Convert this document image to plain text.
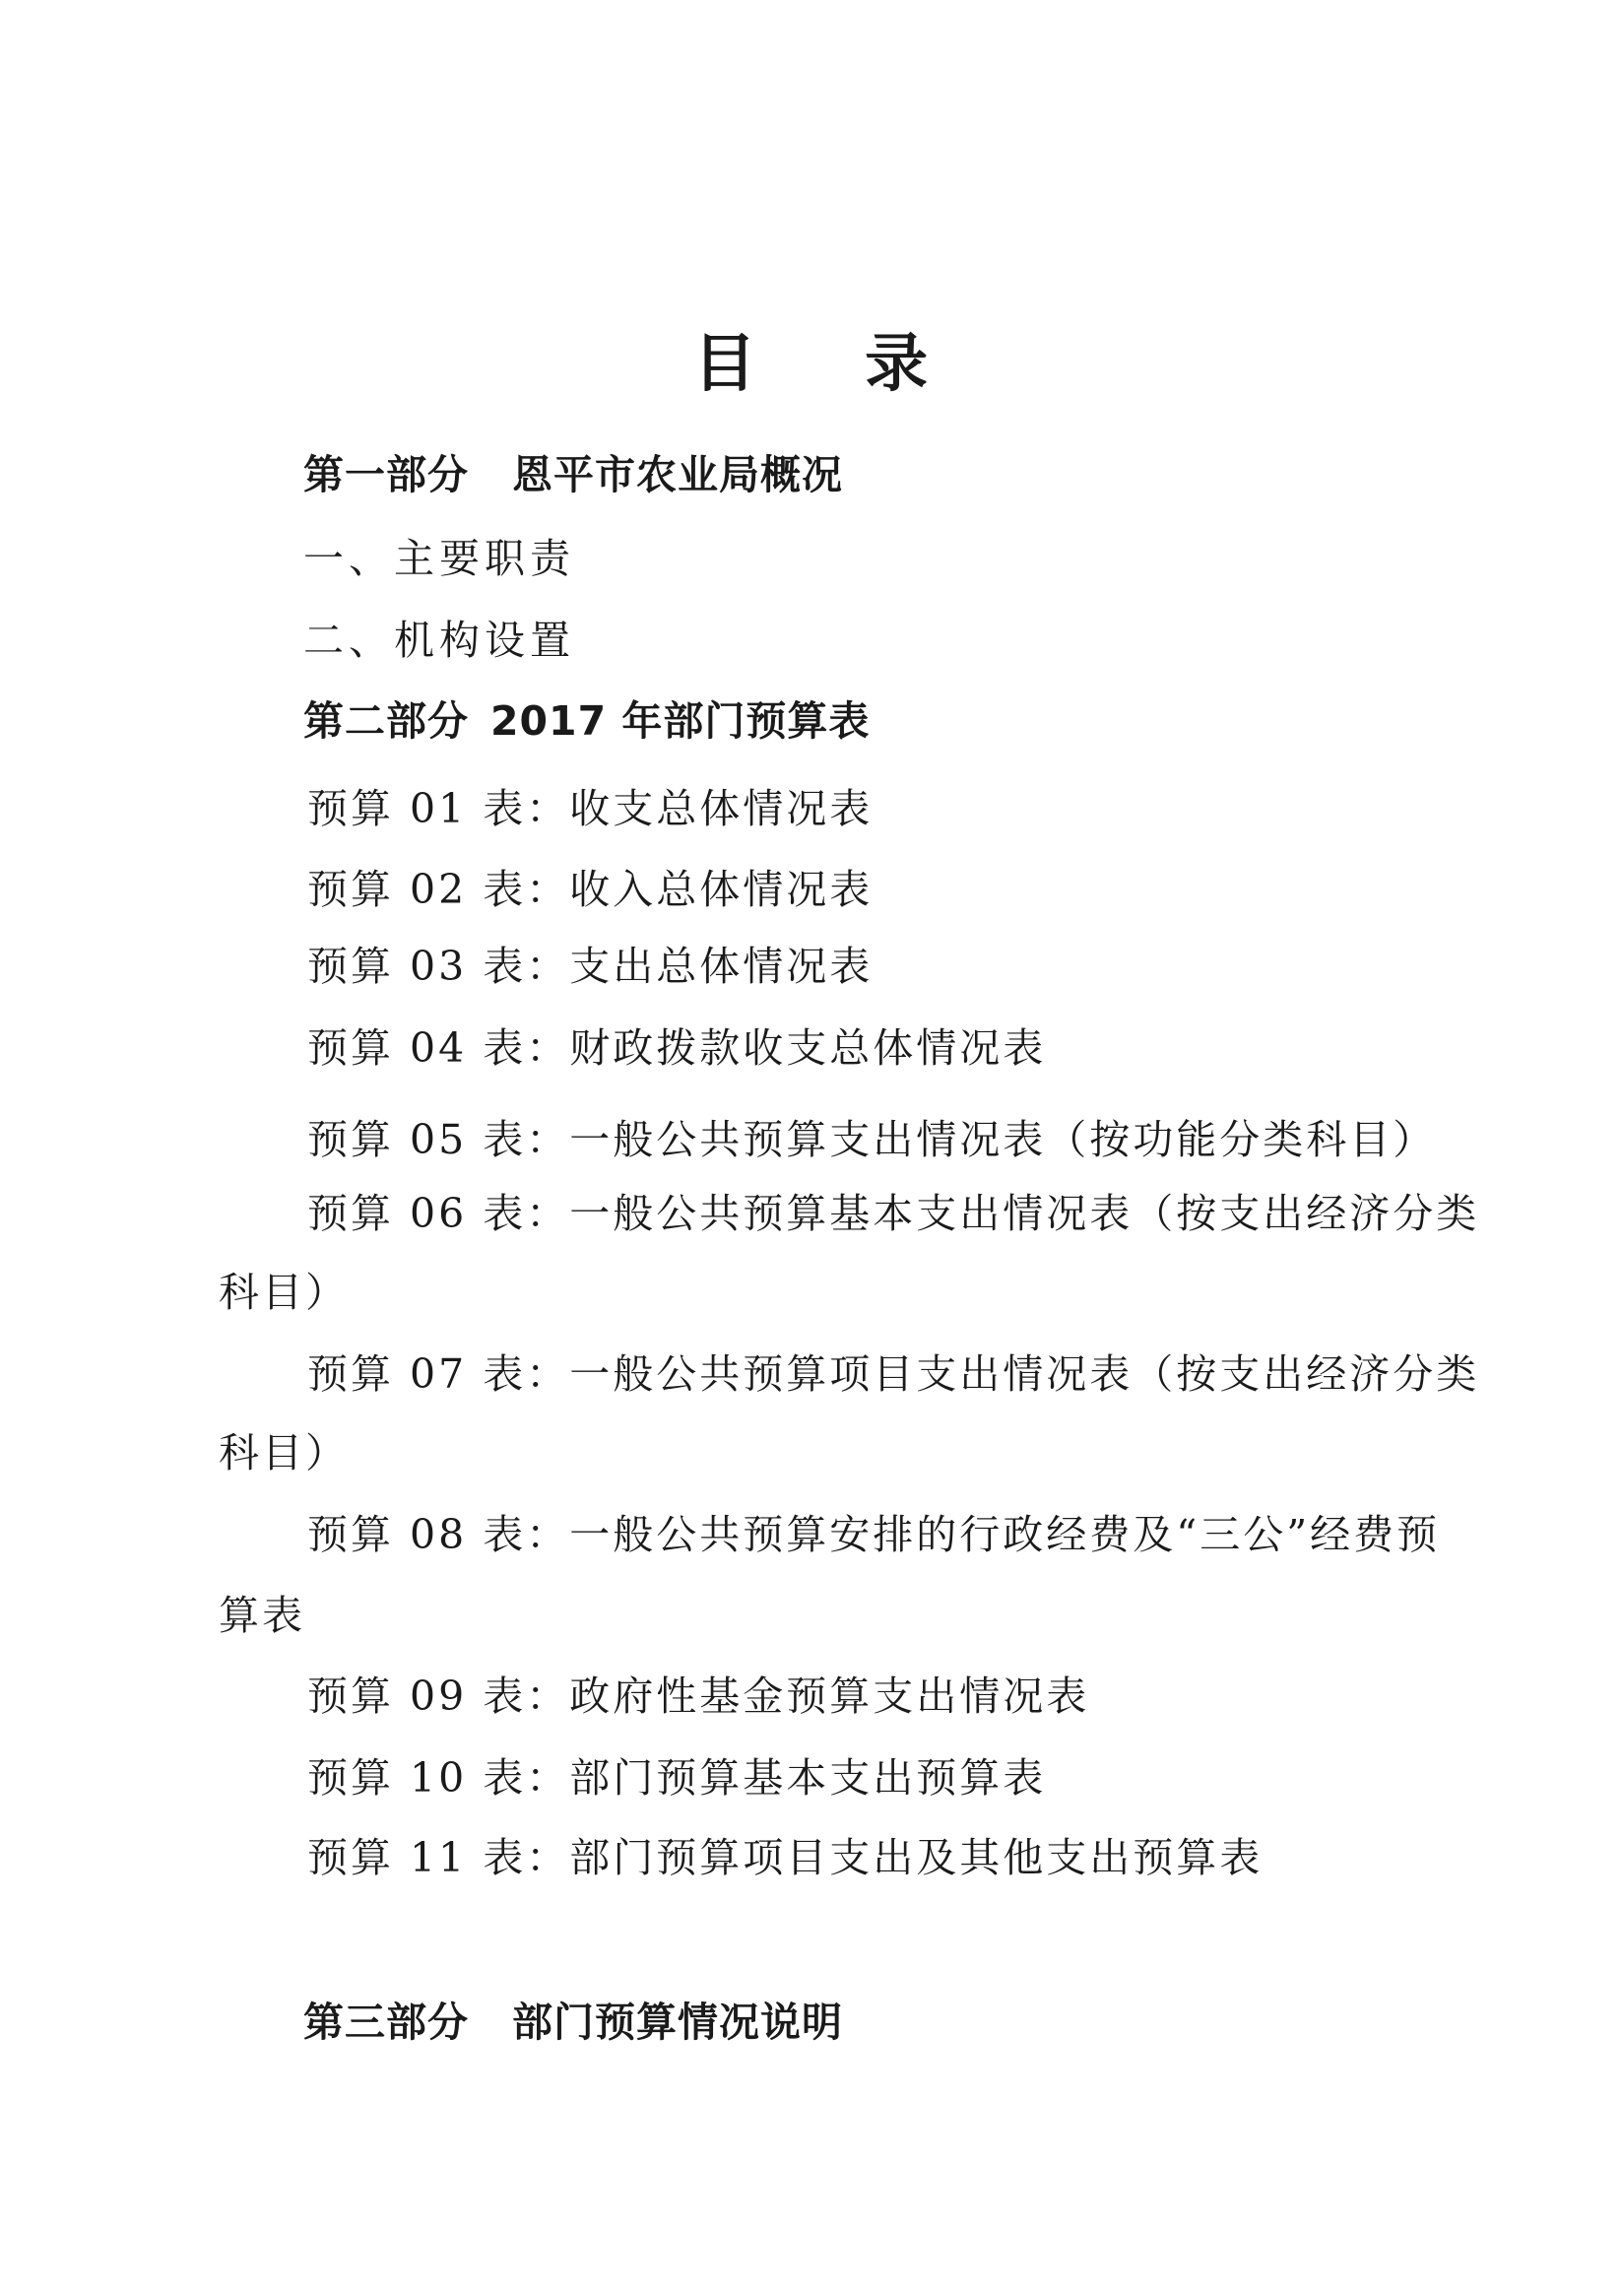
目 录
第一部分 恩平市农业局概况
一、主要职责
二、机构设置
第二部分 2017 年部门预算表
预算 01 表：收支总体情况表
预算 02 表：收入总体情况表
预算 03 表：支出总体情况表
预算 04 表：财政拨款收支总体情况表
预算 05 表：一般公共预算支出情况表（按功能分类科目）
预算 06 表：一般公共预算基本支出情况表（按支出经济分类
科目）
预算 07 表：一般公共预算项目支出情况表（按支出经济分类
科目）
预算 08 表：一般公共预算安排的行政经费及“三公”经费预
算表
预算 09 表：政府性基金预算支出情况表
预算 10 表：部门预算基本支出预算表
预算 11 表：部门预算项目支出及其他支出预算表
第三部分 部门预算情况说明
